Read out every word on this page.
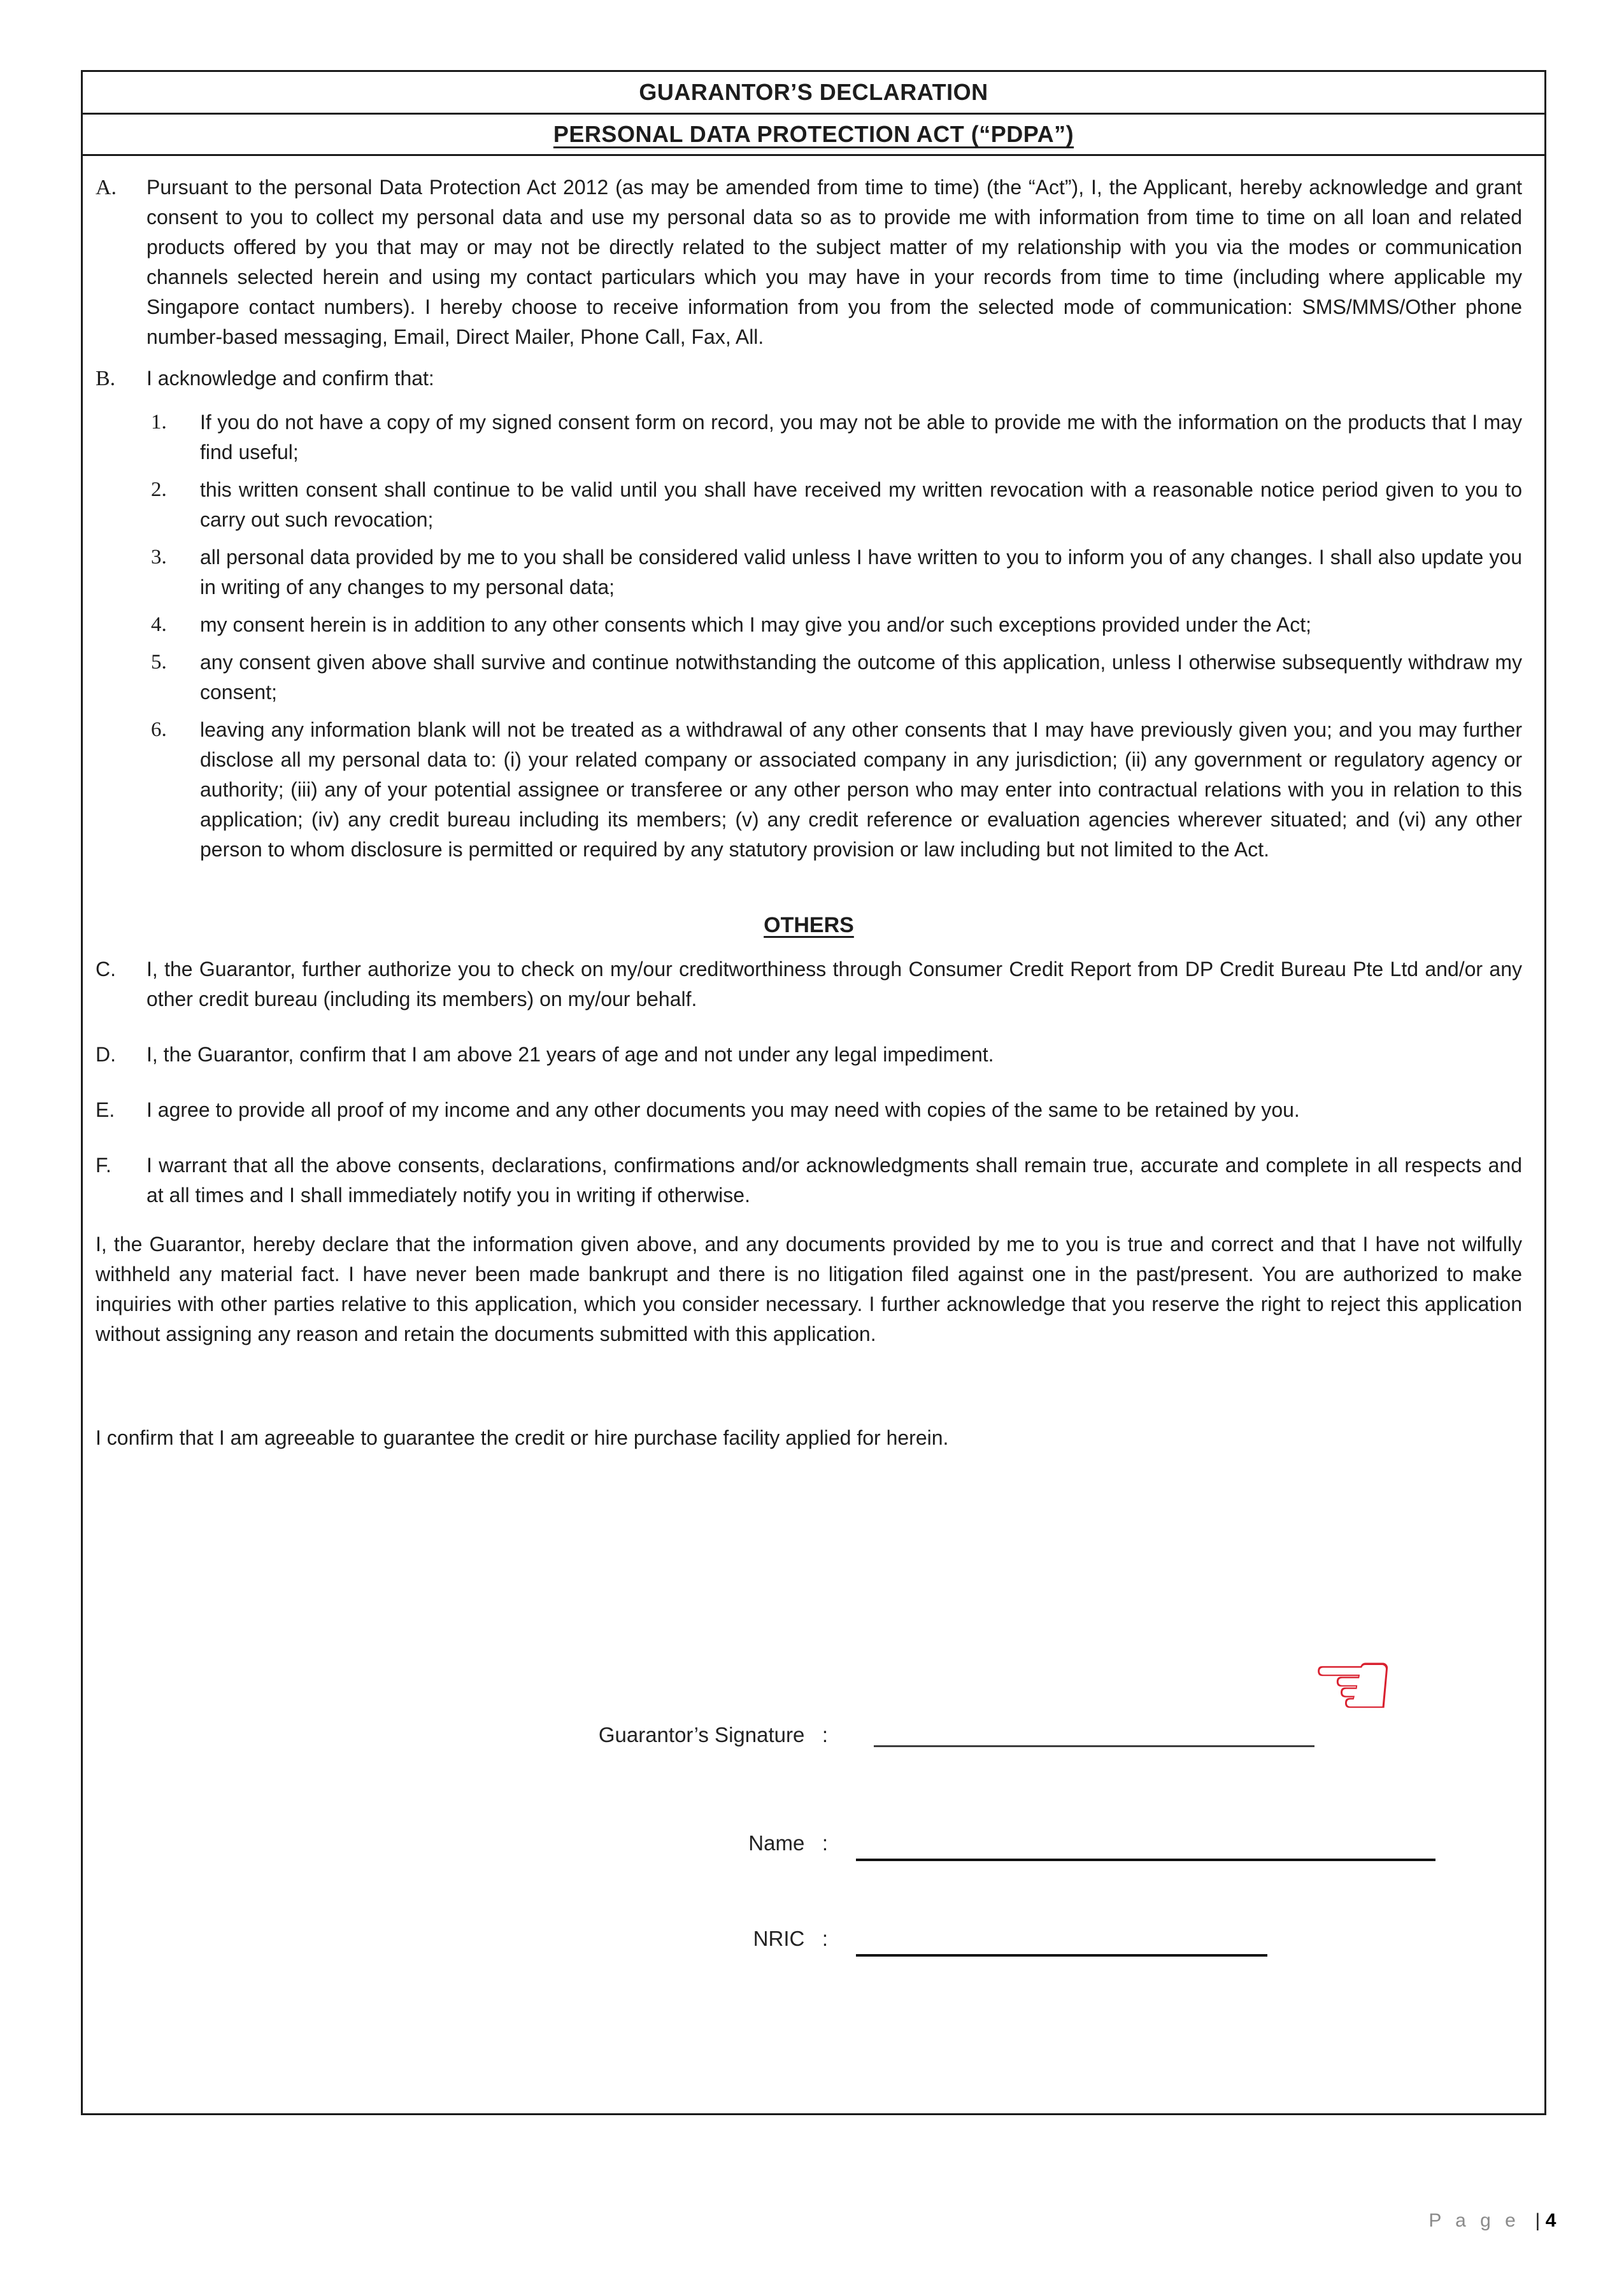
GUARANTOR’S DECLARATION
PERSONAL DATA PROTECTION ACT (“PDPA”)
A.	Pursuant to the personal Data Protection Act 2012 (as may be amended from time to time) (the “Act”), I, the Applicant, hereby acknowledge and grant consent to you to collect my personal data and use my personal data so as to provide me with information from time to time on all loan and related products offered by you that may or may not be directly related to the subject matter of my relationship with you via the modes or communication channels selected herein and using my contact particulars which you may have in your records from time to time (including where applicable my Singapore contact numbers). I hereby choose to receive information from you from the selected mode of communication: SMS/MMS/Other phone number-based messaging, Email, Direct Mailer, Phone Call, Fax, All.
B.	I acknowledge and confirm that:
1.	If you do not have a copy of my signed consent form on record, you may not be able to provide me with the information on the products that I may find useful;
2.	this written consent shall continue to be valid until you shall have received my written revocation with a reasonable notice period given to you to carry out such revocation;
3.	all personal data provided by me to you shall be considered valid unless I have written to you to inform you of any changes. I shall also update you in writing of any changes to my personal data;
4.	my consent herein is in addition to any other consents which I may give you and/or such exceptions provided under the Act;
5.	any consent given above shall survive and continue notwithstanding the outcome of this application, unless I otherwise subsequently withdraw my consent;
6.	leaving any information blank will not be treated as a withdrawal of any other consents that I may have previously given you; and you may further disclose all my personal data to: (i) your related company or associated company in any jurisdiction; (ii) any government or regulatory agency or authority; (iii) any of your potential assignee or transferee or any other person who may enter into contractual relations with you in relation to this application; (iv) any credit bureau including its members; (v) any credit reference or evaluation agencies wherever situated; and (vi) any other person to whom disclosure is permitted or required by any statutory provision or law including but not limited to the Act.
OTHERS
C.	I, the Guarantor, further authorize you to check on my/our creditworthiness through Consumer Credit Report from DP Credit Bureau Pte Ltd and/or any other credit bureau (including its members) on my/our behalf.
D.	I, the Guarantor, confirm that I am above 21 years of age and not under any legal impediment.
E.	I agree to provide all proof of my income and any other documents you may need with copies of the same to be retained by you.
F.	I warrant that all the above consents, declarations, confirmations and/or acknowledgments shall remain true, accurate and complete in all respects and at all times and I shall immediately notify you in writing if otherwise.
I, the Guarantor, hereby declare that the information given above, and any documents provided by me to you is true and correct and that I have not wilfully withheld any material fact. I have never been made bankrupt and there is no litigation filed against one in the past/present. You are authorized to make inquiries with other parties relative to this application, which you consider necessary. I further acknowledge that you reserve the right to reject this application without assigning any reason and retain the documents submitted with this application.
I confirm that I am agreeable to guarantee the credit or hire purchase facility applied for herein.
☜
Guarantor’s Signature   :
Name   :
NRIC   :

P a g e  | 4
